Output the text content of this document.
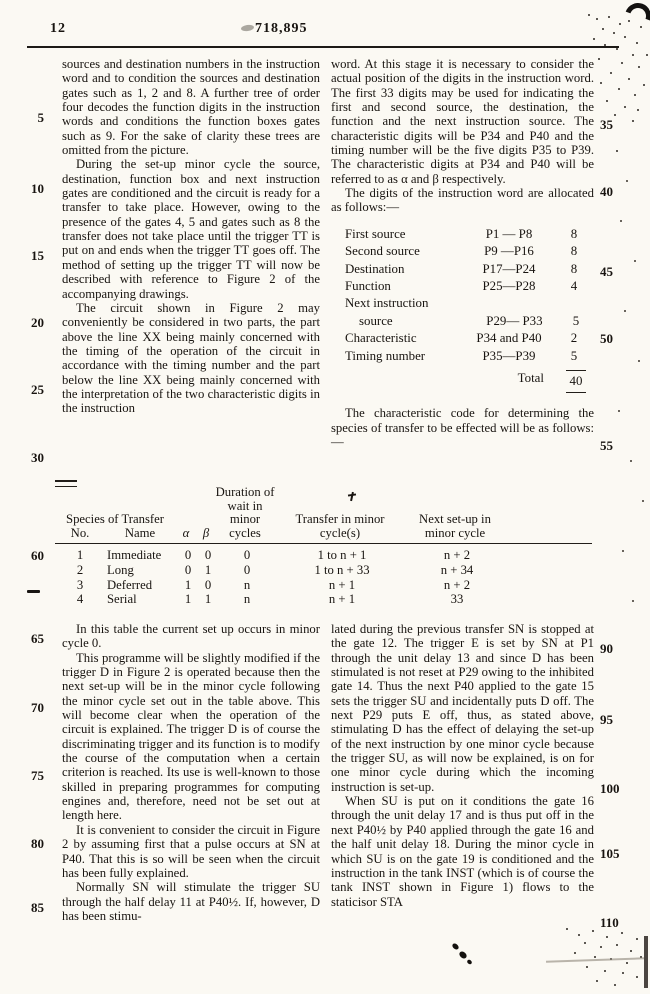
12	718,895
5
10
15
20
25
30
60
65
70
75
80
85
35
40
45
50
55
90
95
100
105
110

sources and destination numbers in the instruction word and to condition the sources and destination gates such as 1, 2 and 8. A further tree of order four decodes the function digits in the instruction words and conditions the function boxes gates such as 9. For the sake of clarity these trees are omitted from the picture.

During the set-up minor cycle the source, destination, function box and next instruction gates are conditioned and the circuit is ready for a transfer to take place. However, owing to the presence of the gates 4, 5 and gates such as 8 the transfer does not take place until the trigger TT is put on and ends when the trigger TT goes off. The method of setting up the trigger TT will now be described with reference to Figure 2 of the accompanying drawings.

The circuit shown in Figure 2 may conveniently be considered in two parts, the part above the line XX being mainly concerned with the timing of the operation of the circuit in accordance with the timing number and the part below the line XX being mainly concerned with the interpretation of the two characteristic digits in the instruction

word. At this stage it is necessary to consider the actual position of the digits in the instruction word. The first 33 digits may be used for indicating the first and second source, the destination, the function and the next instruction source. The characteristic digits will be P34 and P40 and the timing number will be the five digits P35 to P39. The characteristic digits at P34 and P40 will be referred to as α and β respectively.

The digits of the instruction word are allocated as follows:—

First source	P1 — P8	8
Second source	P9 —P16	8
Destination	P17—P24	8
Function	P25—P28	4
Next instruction
source	P29— P33	5
Characteristic	P34 and P40	2
Timing number	P35—P39	5
Total	40

The characteristic code for determining the species of transfer to be effected will be as follows:—

Species of Transfer
No.	Name	α	β
Duration of wait in minor cycles
Transfer in minor cycle(s)
Next set-up in minor cycle
1	Immediate	0	0	0	1 to n + 1	n + 2
2	Long	0	1	0	1 to n + 33	n + 34
3	Deferred	1	0	n	n + 1	n + 2
4	Serial	1	1	n	n + 1	33

In this table the current set up occurs in minor cycle 0.

This programme will be slightly modified if the trigger D in Figure 2 is operated because then the next set-up will be in the minor cycle following the minor cycle set out in the table above. This will become clear when the operation of the circuit is explained. The trigger D is of course the discriminating trigger and its function is to modify the course of the computation when a certain criterion is reached. Its use is well-known to those skilled in preparing programmes for computing engines and, therefore, need not be set out at length here.

It is convenient to consider the circuit in Figure 2 by assuming first that a pulse occurs at SN at P40. That this is so will be seen when the circuit has been fully explained.

Normally SN will stimulate the trigger SU through the half delay 11 at P40½. If, however, D has been stimu-

lated during the previous transfer SN is stopped at the gate 12. The trigger E is set by SN at P1 through the unit delay 13 and since D has been stimulated is not reset at P29 owing to the inhibited gate 14. Thus the next P40 applied to the gate 15 sets the trigger SU and incidentally puts D off. The next P29 puts E off, thus, as stated above, stimulating D has the effect of delaying the set-up of the next instruction by one minor cycle because the trigger SU, as will now be explained, is on for one minor cycle during which the incoming instruction is set-up.

When SU is put on it conditions the gate 16 through the unit delay 17 and is thus put off in the next P40½ by P40 applied through the gate 16 and the half unit delay 18. During the minor cycle in which SU is on the gate 19 is conditioned and the instruction in the tank INST (which is of course the tank INST shown in Figure 1) flows to the staticisor STA
